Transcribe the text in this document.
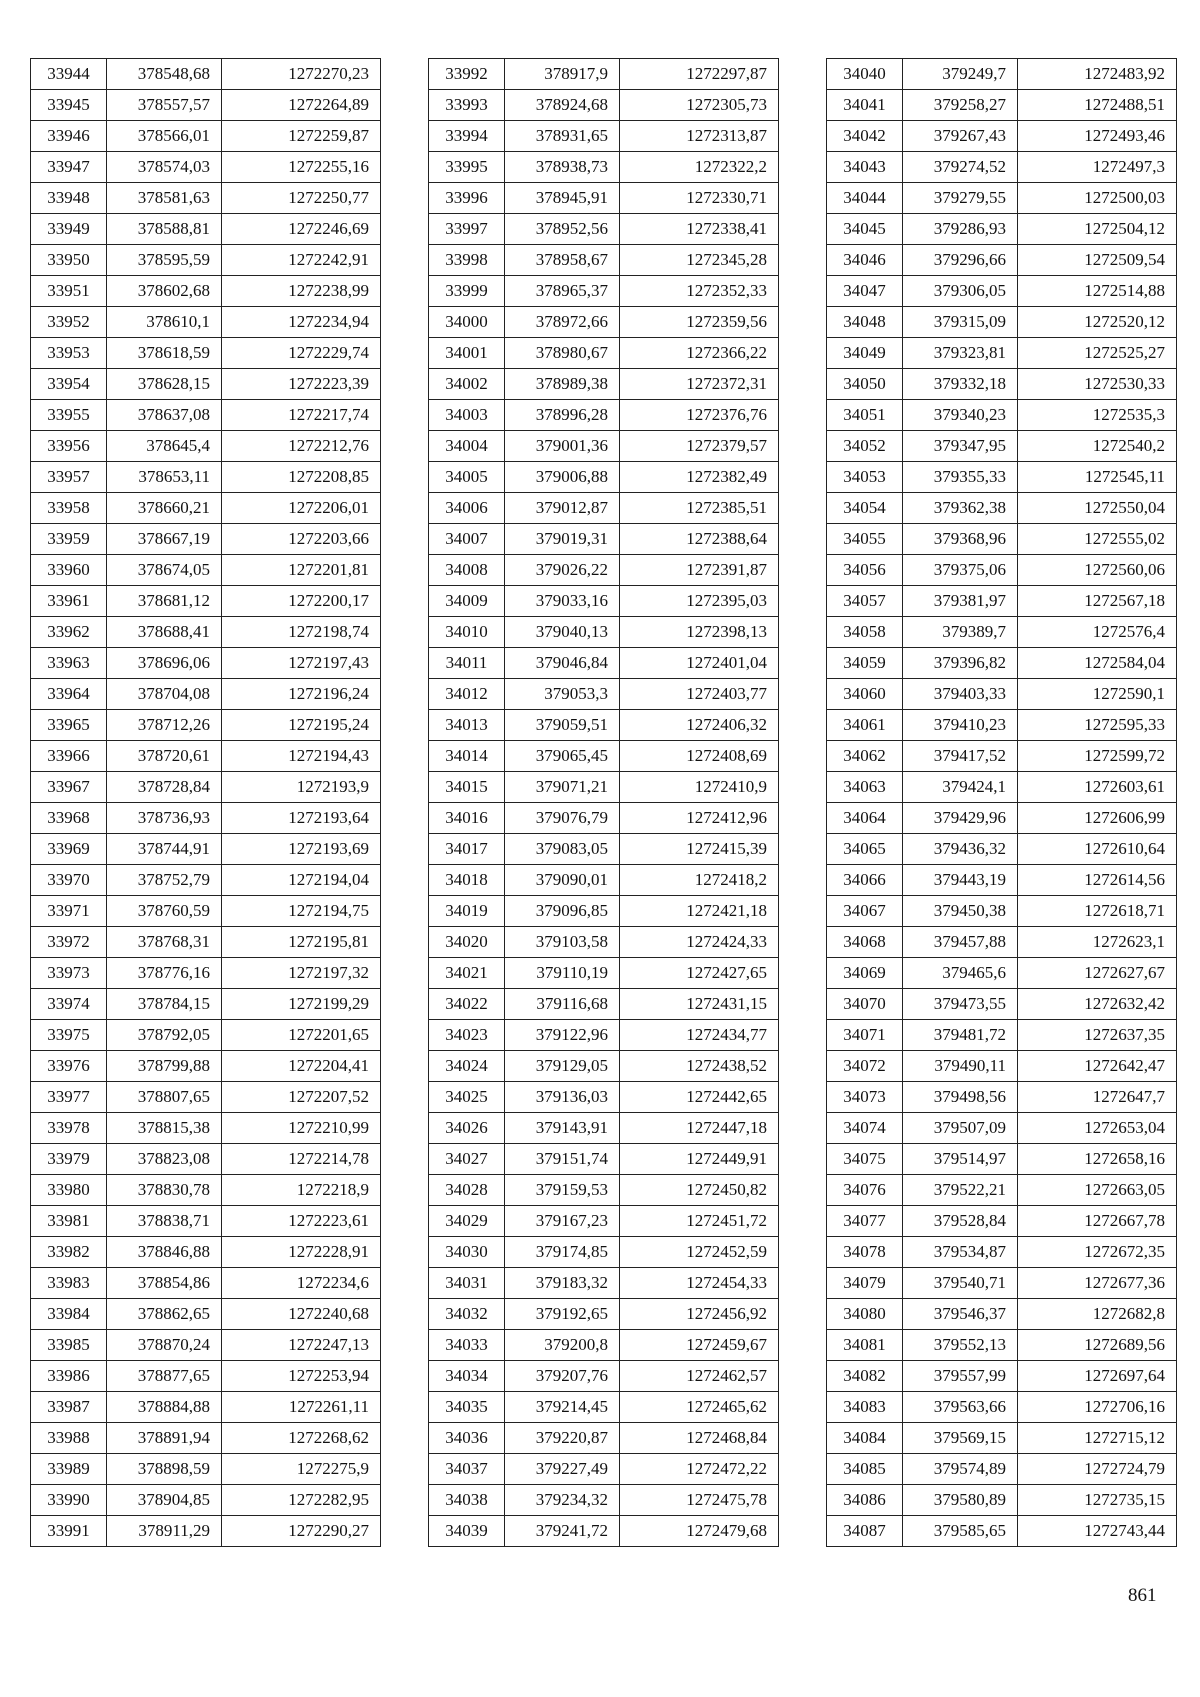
33944	378548,68	1272270,23
33945	378557,57	1272264,89
33946	378566,01	1272259,87
33947	378574,03	1272255,16
33948	378581,63	1272250,77
33949	378588,81	1272246,69
33950	378595,59	1272242,91
33951	378602,68	1272238,99
33952	378610,1	1272234,94
33953	378618,59	1272229,74
33954	378628,15	1272223,39
33955	378637,08	1272217,74
33956	378645,4	1272212,76
33957	378653,11	1272208,85
33958	378660,21	1272206,01
33959	378667,19	1272203,66
33960	378674,05	1272201,81
33961	378681,12	1272200,17
33962	378688,41	1272198,74
33963	378696,06	1272197,43
33964	378704,08	1272196,24
33965	378712,26	1272195,24
33966	378720,61	1272194,43
33967	378728,84	1272193,9
33968	378736,93	1272193,64
33969	378744,91	1272193,69
33970	378752,79	1272194,04
33971	378760,59	1272194,75
33972	378768,31	1272195,81
33973	378776,16	1272197,32
33974	378784,15	1272199,29
33975	378792,05	1272201,65
33976	378799,88	1272204,41
33977	378807,65	1272207,52
33978	378815,38	1272210,99
33979	378823,08	1272214,78
33980	378830,78	1272218,9
33981	378838,71	1272223,61
33982	378846,88	1272228,91
33983	378854,86	1272234,6
33984	378862,65	1272240,68
33985	378870,24	1272247,13
33986	378877,65	1272253,94
33987	378884,88	1272261,11
33988	378891,94	1272268,62
33989	378898,59	1272275,9
33990	378904,85	1272282,95
33991	378911,29	1272290,27
33992	378917,9	1272297,87
33993	378924,68	1272305,73
33994	378931,65	1272313,87
33995	378938,73	1272322,2
33996	378945,91	1272330,71
33997	378952,56	1272338,41
33998	378958,67	1272345,28
33999	378965,37	1272352,33
34000	378972,66	1272359,56
34001	378980,67	1272366,22
34002	378989,38	1272372,31
34003	378996,28	1272376,76
34004	379001,36	1272379,57
34005	379006,88	1272382,49
34006	379012,87	1272385,51
34007	379019,31	1272388,64
34008	379026,22	1272391,87
34009	379033,16	1272395,03
34010	379040,13	1272398,13
34011	379046,84	1272401,04
34012	379053,3	1272403,77
34013	379059,51	1272406,32
34014	379065,45	1272408,69
34015	379071,21	1272410,9
34016	379076,79	1272412,96
34017	379083,05	1272415,39
34018	379090,01	1272418,2
34019	379096,85	1272421,18
34020	379103,58	1272424,33
34021	379110,19	1272427,65
34022	379116,68	1272431,15
34023	379122,96	1272434,77
34024	379129,05	1272438,52
34025	379136,03	1272442,65
34026	379143,91	1272447,18
34027	379151,74	1272449,91
34028	379159,53	1272450,82
34029	379167,23	1272451,72
34030	379174,85	1272452,59
34031	379183,32	1272454,33
34032	379192,65	1272456,92
34033	379200,8	1272459,67
34034	379207,76	1272462,57
34035	379214,45	1272465,62
34036	379220,87	1272468,84
34037	379227,49	1272472,22
34038	379234,32	1272475,78
34039	379241,72	1272479,68
34040	379249,7	1272483,92
34041	379258,27	1272488,51
34042	379267,43	1272493,46
34043	379274,52	1272497,3
34044	379279,55	1272500,03
34045	379286,93	1272504,12
34046	379296,66	1272509,54
34047	379306,05	1272514,88
34048	379315,09	1272520,12
34049	379323,81	1272525,27
34050	379332,18	1272530,33
34051	379340,23	1272535,3
34052	379347,95	1272540,2
34053	379355,33	1272545,11
34054	379362,38	1272550,04
34055	379368,96	1272555,02
34056	379375,06	1272560,06
34057	379381,97	1272567,18
34058	379389,7	1272576,4
34059	379396,82	1272584,04
34060	379403,33	1272590,1
34061	379410,23	1272595,33
34062	379417,52	1272599,72
34063	379424,1	1272603,61
34064	379429,96	1272606,99
34065	379436,32	1272610,64
34066	379443,19	1272614,56
34067	379450,38	1272618,71
34068	379457,88	1272623,1
34069	379465,6	1272627,67
34070	379473,55	1272632,42
34071	379481,72	1272637,35
34072	379490,11	1272642,47
34073	379498,56	1272647,7
34074	379507,09	1272653,04
34075	379514,97	1272658,16
34076	379522,21	1272663,05
34077	379528,84	1272667,78
34078	379534,87	1272672,35
34079	379540,71	1272677,36
34080	379546,37	1272682,8
34081	379552,13	1272689,56
34082	379557,99	1272697,64
34083	379563,66	1272706,16
34084	379569,15	1272715,12
34085	379574,89	1272724,79
34086	379580,89	1272735,15
34087	379585,65	1272743,44
861
